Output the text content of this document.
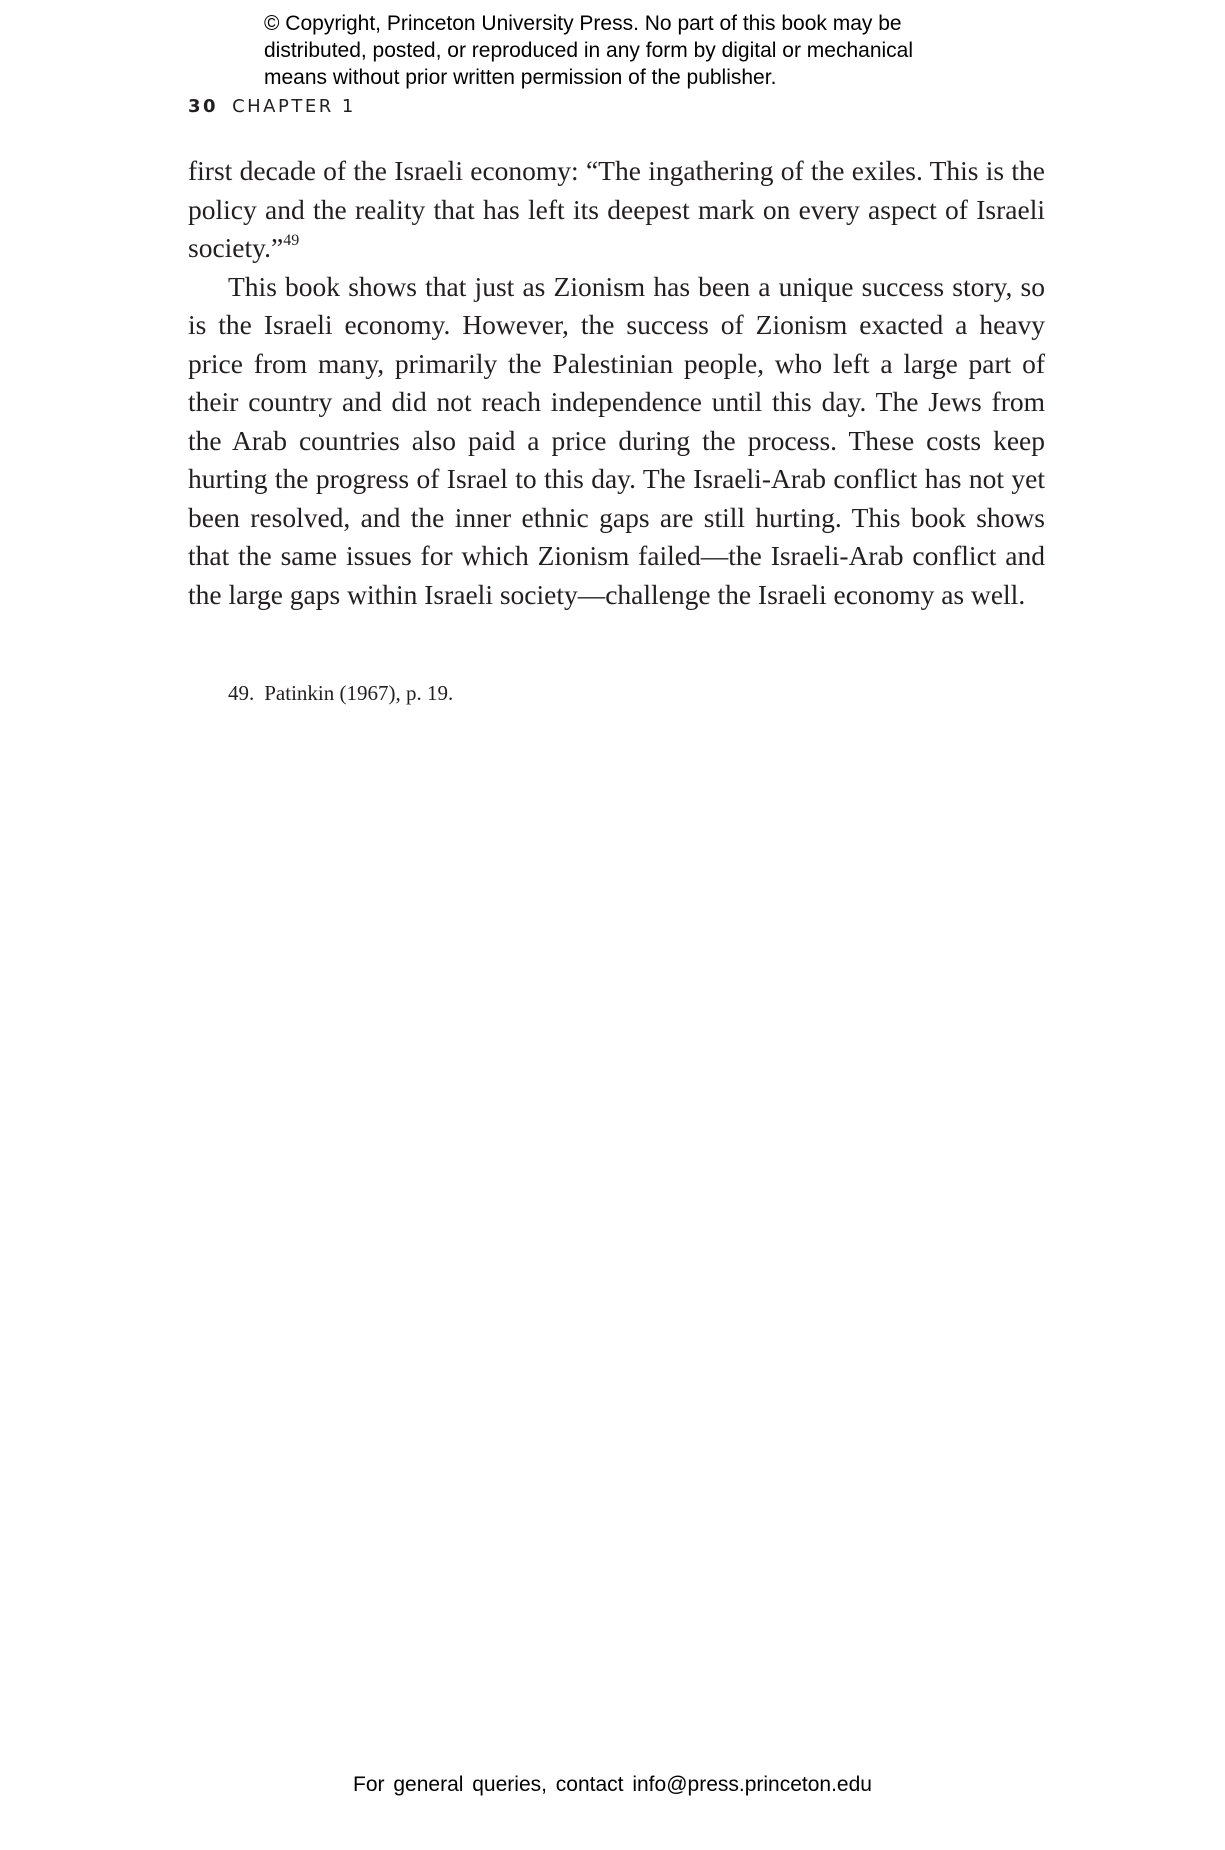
© Copyright, Princeton University Press. No part of this book may be
distributed, posted, or reproduced in any form by digital or mechanical
means without prior written permission of the publisher.
30 CHAPTER 1

first decade of the Israeli economy: “The ingathering of the exiles. This is the policy and the reality that has left its deepest mark on every aspect of Israeli society.”$^{49}$

This book shows that just as Zionism has been a unique success story, so is the Israeli economy. However, the success of Zionism exacted a heavy price from many, primarily the Palestinian people, who left a large part of their country and did not reach independence until this day. The Jews from the Arab countries also paid a price during the process. These costs keep hurting the progress of Israel to this day. The Israeli-Arab conflict has not yet been resolved, and the inner ethnic gaps are still hurting. This book shows that the same issues for which Zionism failed—the Israeli-Arab conflict and the large gaps within Israeli society—challenge the Israeli economy as well.

49. Patinkin (1967), p. 19.
For general queries, contact info@press.princeton.edu
